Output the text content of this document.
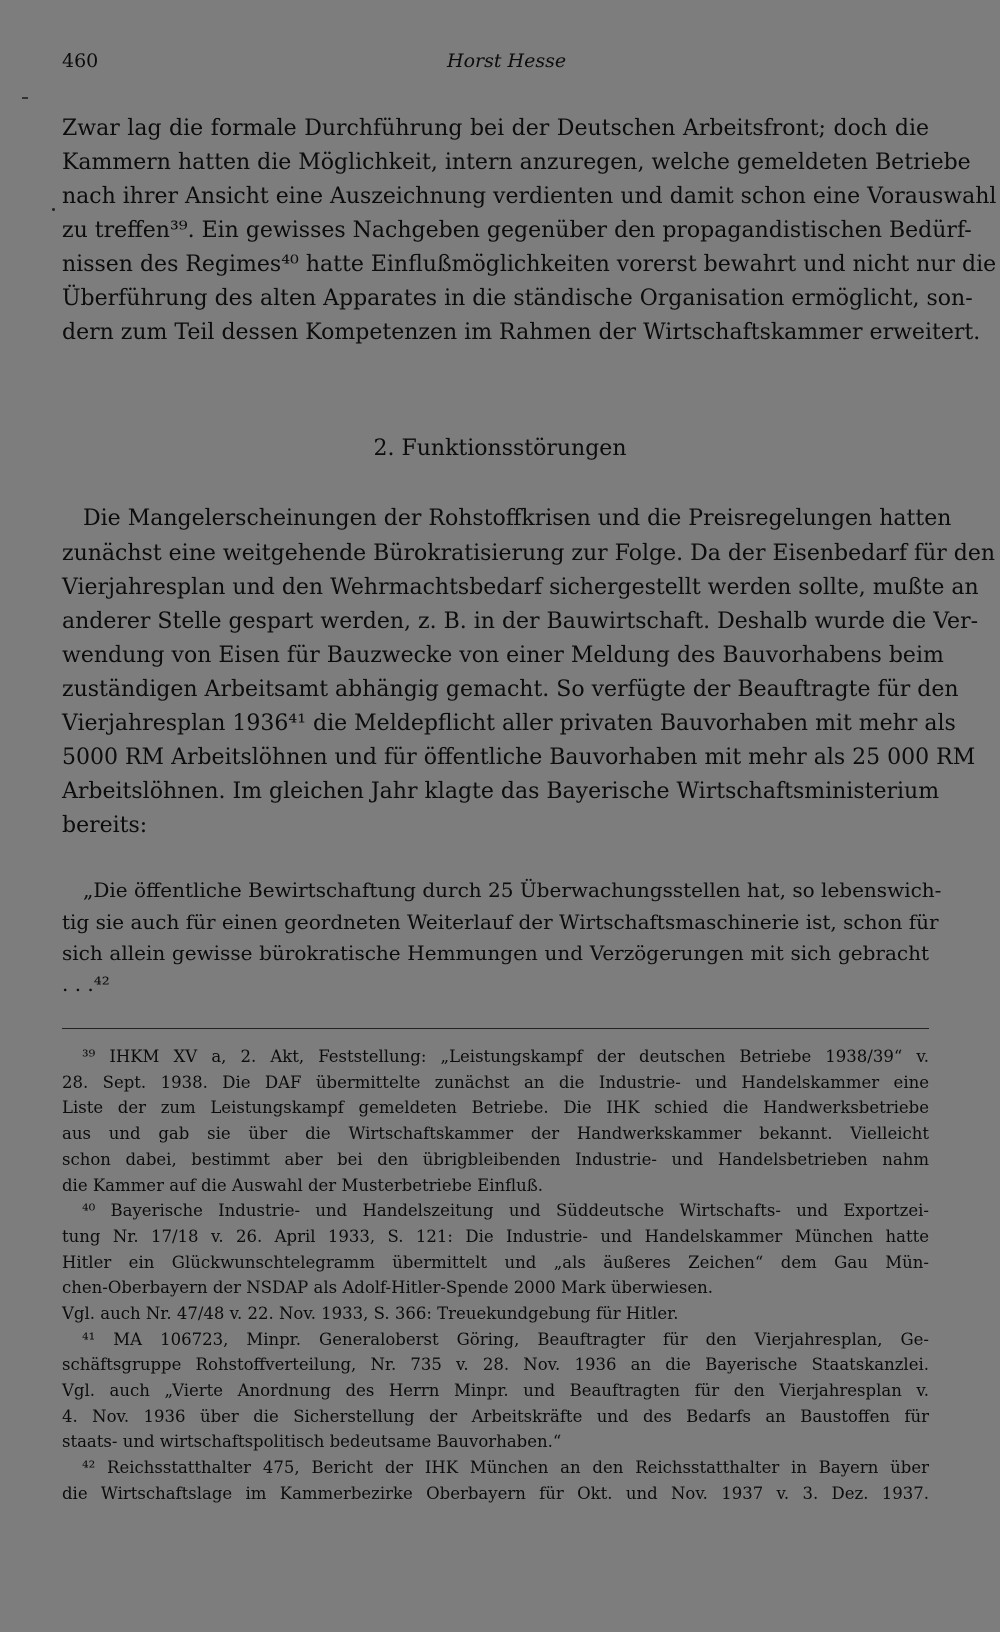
460	Horst Hesse
Zwar lag die formale Durchführung bei der Deutschen Arbeitsfront; doch die
Kammern hatten die Möglichkeit, intern anzuregen, welche gemeldeten Betriebe
nach ihrer Ansicht eine Auszeichnung verdienten und damit schon eine Vorauswahl
zu treffen³⁹. Ein gewisses Nachgeben gegenüber den propagandistischen Bedürf-
nissen des Regimes⁴⁰ hatte Einflußmöglichkeiten vorerst bewahrt und nicht nur die
Überführung des alten Apparates in die ständische Organisation ermöglicht, son-
dern zum Teil dessen Kompetenzen im Rahmen der Wirtschaftskammer erweitert.
2. Funktionsstörungen
Die Mangelerscheinungen der Rohstoffkrisen und die Preisregelungen hatten
zunächst eine weitgehende Bürokratisierung zur Folge. Da der Eisenbedarf für den
Vierjahresplan und den Wehrmachtsbedarf sichergestellt werden sollte, mußte an
anderer Stelle gespart werden, z. B. in der Bauwirtschaft. Deshalb wurde die Ver-
wendung von Eisen für Bauzwecke von einer Meldung des Bauvorhabens beim
zuständigen Arbeitsamt abhängig gemacht. So verfügte der Beauftragte für den
Vierjahresplan 1936⁴¹ die Meldepflicht aller privaten Bauvorhaben mit mehr als
5000 RM Arbeitslöhnen und für öffentliche Bauvorhaben mit mehr als 25 000 RM
Arbeitslöhnen. Im gleichen Jahr klagte das Bayerische Wirtschaftsministerium
bereits:
„Die öffentliche Bewirtschaftung durch 25 Überwachungsstellen hat, so lebenswich-
tig sie auch für einen geordneten Weiterlauf der Wirtschaftsmaschinerie ist, schon für
sich allein gewisse bürokratische Hemmungen und Verzögerungen mit sich gebracht
. . .⁴²
³⁹ IHKM XV a, 2. Akt, Feststellung: „Leistungskampf der deutschen Betriebe 1938/39“ v.
28. Sept. 1938. Die DAF übermittelte zunächst an die Industrie- und Handelskammer eine
Liste der zum Leistungskampf gemeldeten Betriebe. Die IHK schied die Handwerksbetriebe
aus und gab sie über die Wirtschaftskammer der Handwerkskammer bekannt. Vielleicht
schon dabei, bestimmt aber bei den übrigbleibenden Industrie- und Handelsbetrieben nahm
die Kammer auf die Auswahl der Musterbetriebe Einfluß.
⁴⁰ Bayerische Industrie- und Handelszeitung und Süddeutsche Wirtschafts- und Exportzei-
tung Nr. 17/18 v. 26. April 1933, S. 121: Die Industrie- und Handelskammer München hatte
Hitler ein Glückwunschtelegramm übermittelt und „als äußeres Zeichen“ dem Gau Mün-
chen-Oberbayern der NSDAP als Adolf-Hitler-Spende 2000 Mark überwiesen.
Vgl. auch Nr. 47/48 v. 22. Nov. 1933, S. 366: Treuekundgebung für Hitler.
⁴¹ MA 106723, Minpr. Generaloberst Göring, Beauftragter für den Vierjahresplan, Ge-
schäftsgruppe Rohstoffverteilung, Nr. 735 v. 28. Nov. 1936 an die Bayerische Staatskanzlei.
Vgl. auch „Vierte Anordnung des Herrn Minpr. und Beauftragten für den Vierjahresplan v.
4. Nov. 1936 über die Sicherstellung der Arbeitskräfte und des Bedarfs an Baustoffen für
staats- und wirtschaftspolitisch bedeutsame Bauvorhaben.“
⁴² Reichsstatthalter 475, Bericht der IHK München an den Reichsstatthalter in Bayern über
die Wirtschaftslage im Kammerbezirke Oberbayern für Okt. und Nov. 1937 v. 3. Dez. 1937.
